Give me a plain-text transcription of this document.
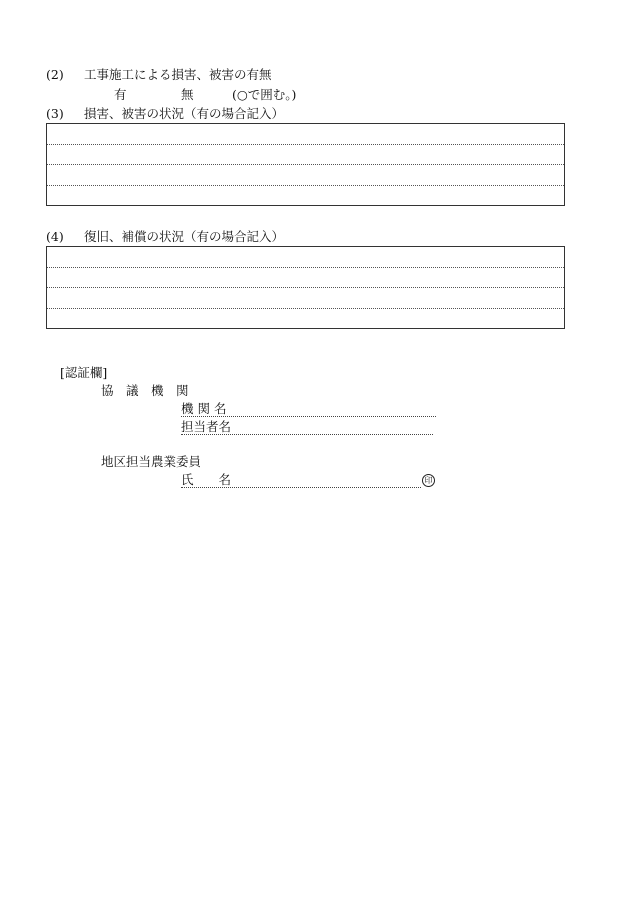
(2) 工事施工による損害、被害の有無
有	無	(○で囲む。)
(3) 損害、被害の状況（有の場合記入）
(4) 復旧、補償の状況（有の場合記入）
[認証欄]
協　議　機　関
機 関 名
担当者名
地区担当農業委員
氏　　名	印
